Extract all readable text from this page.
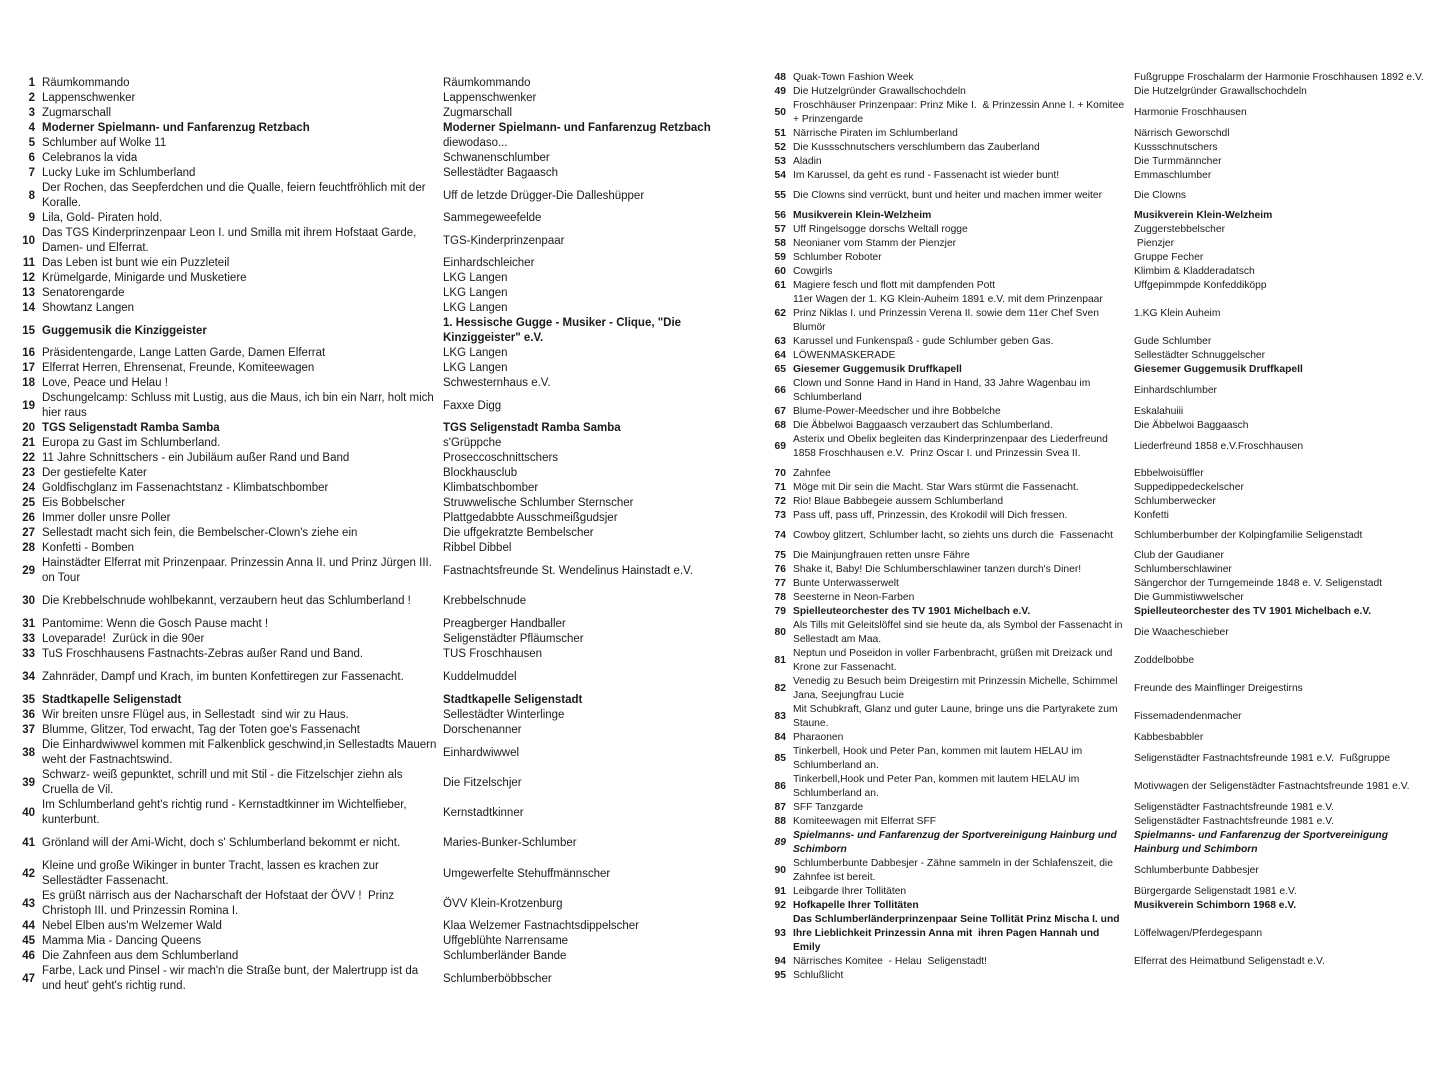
1	Räumkommando	Räumkommando
2	Lappenschwenker	Lappenschwenker
3	Zugmarschall	Zugmarschall
4	Moderner Spielmann- und Fanfarenzug Retzbach	Moderner Spielmann- und Fanfarenzug Retzbach
5	Schlumber auf Wolke 11	diewodaso...
6	Celebranos la vida	Schwanenschlumber
7	Lucky Luke im Schlumberland	Sellestädter Bagaasch
8	Der Rochen, das Seepferdchen und die Qualle, feiern feuchtfröhlich mit der Koralle.	Uff de letzde Drügger-Die Dalleshüpper
9	Lila, Gold- Piraten hold.	Sammegeweefelde
10	Das TGS Kinderprinzenpaar Leon I. und Smilla mit ihrem Hofstaat Garde, Damen- und Elferrat.	TGS-Kinderprinzenpaar
11	Das Leben ist bunt wie ein Puzzleteil	Einhardschleicher
12	Krümelgarde, Minigarde und Musketiere	LKG Langen
13	Senatorengarde	LKG Langen
14	Showtanz Langen	LKG Langen
15	Guggemusik die Kinziggeister	1. Hessische Gugge - Musiker - Clique, "Die Kinziggeister" e.V.
16	Präsidentengarde, Lange Latten Garde, Damen Elferrat	LKG Langen
17	Elferrat Herren, Ehrensenat, Freunde, Komiteewagen	LKG Langen
18	Love, Peace und Helau !	Schwesternhaus e.V.
19	Dschungelcamp: Schluss mit Lustig, aus die Maus, ich bin ein Narr, holt mich hier raus	Faxxe Digg
20	TGS Seligenstadt Ramba Samba	TGS Seligenstadt Ramba Samba
21	Europa zu Gast im Schlumberland.	s'Grüppche
22	11 Jahre Schnittschers - ein Jubiläum außer Rand und Band	Proseccoschnittschers
23	Der gestiefelte Kater	Blockhausclub
24	Goldfischglanz im Fassenachtstanz - Klimbatschbomber	Klimbatschbomber
25	Eis Bobbelscher	Struwwelische Schlumber Sternscher
26	Immer doller unsre Poller	Plattgedabbte Ausschmeißgudsjer
27	Sellestadt macht sich fein, die Bembelscher-Clown's ziehe ein	Die uffgekratzte Bembelscher
28	Konfetti - Bomben	Ribbel Dibbel
29	Hainstädter Elferrat mit Prinzenpaar. Prinzessin Anna II. und Prinz Jürgen III. on Tour	Fastnachtsfreunde St. Wendelinus Hainstadt e.V.
30	Die Krebbelschnude wohlbekannt, verzaubern heut das Schlumberland !	Krebbelschnude
31	Pantomime: Wenn die Gosch Pause macht !	Preagberger Handballer
33	Loveparade!  Zurück in die 90er	Seligenstädter Pfläumscher
33	TuS Froschhausens Fastnachts-Zebras außer Rand und Band.	TUS Froschhausen
34	Zahnräder, Dampf und Krach, im bunten Konfettiregen zur Fassenacht.	Kuddelmuddel
35	Stadtkapelle Seligenstadt	Stadtkapelle Seligenstadt
36	Wir breiten unsre Flügel aus, in Sellestadt  sind wir zu Haus.	Sellestädter Winterlinge
37	Blumme, Glitzer, Tod erwacht, Tag der Toten goe's Fassenacht	Dorschenanner
38	Die Einhardwiwwel kommen mit Falkenblick geschwind,in Sellestadts Mauern weht der Fastnachtswind.	Einhardwiwwel
39	Schwarz- weiß gepunktet, schrill und mit Stil - die Fitzelschjer ziehn als Cruella de Vil.	Die Fitzelschjer
40	Im Schlumberland geht's richtig rund - Kernstadtkinner im Wichtelfieber, kunterbunt.	Kernstadtkinner
41	Grönland will der Ami-Wicht, doch s' Schlumberland bekommt er nicht.	Maries-Bunker-Schlumber
42	Kleine und große Wikinger in bunter Tracht, lassen es krachen zur Sellestädter Fassenacht.	Umgewerfelte Stehuffmännscher
43	Es grüßt närrisch aus der Nacharschaft der Hofstaat der ÖVV !  Prinz Christoph III. und Prinzessin Romina I.	ÖVV Klein-Krotzenburg
44	Nebel Elben aus'm Welzemer Wald	Klaa Welzemer Fastnachtsdippelscher
45	Mamma Mia - Dancing Queens	Uffgeblühte Narrensame
46	Die Zahnfeen aus dem Schlumberland	Schlumberländer Bande
47	Farbe, Lack und Pinsel - wir mach'n die Straße bunt, der Malertrupp ist da und heut' geht's richtig rund.	Schlumberböbbscher
48	Quak-Town Fashion Week	Fußgruppe Froschalarm der Harmonie Froschhausen 1892 e.V.
49	Die Hutzelgründer Grawallschochdeln	Die Hutzelgründer Grawallschochdeln
50	Froschhäuser Prinzenpaar: Prinz Mike I.  & Prinzessin Anne I. + Komitee + Prinzengarde	Harmonie Froschhausen
51	Närrische Piraten im Schlumberland	Närrisch Geworschdl
52	Die Kussschnutschers verschlumbern das Zauberland	Kussschnutschers
53	Aladin	Die Turmmänncher
54	Im Karussel, da geht es rund - Fassenacht ist wieder bunt!	Emmaschlumber
55	Die Clowns sind verrückt, bunt und heiter und machen immer weiter	Die Clowns
56	Musikverein Klein-Welzheim	Musikverein Klein-Welzheim
57	Uff Ringelsogge dorschs Weltall rogge	Zuggerstebbelscher
58	Neonianer vom Stamm der Pienzjer	Pienzjer
59	Schlumber Roboter	Gruppe Fecher
60	Cowgirls	Klimbim & Kladderadatsch
61	Magiere fesch und flott mit dampfenden Pott	Uffgepimmpde Konfeddiköpp
62	11er Wagen der 1. KG Klein-Auheim 1891 e.V. mit dem Prinzenpaar Prinz Niklas I. und Prinzessin Verena II. sowie dem 11er Chef Sven Blumör	1.KG Klein Auheim
63	Karussel und Funkenspaß - gude Schlumber geben Gas.	Gude Schlumber
64	LÖWENMASKERADE	Sellestädter Schnuggelscher
65	Giesemer Guggemusik Druffkapell	Giesemer Guggemusik Druffkapell
66	Clown und Sonne Hand in Hand in Hand, 33 Jahre Wagenbau im Schlumberland	Einhardschlumber
67	Blume-Power-Meedscher und ihre Bobbelche	Eskalahuiii
68	Die Äbbelwoi Baggaasch verzaubert das Schlumberland.	Die Äbbelwoi Baggaasch
69	Asterix und Obelix begleiten das Kinderprinzenpaar des Liederfreund 1858 Froschhausen e.V.  Prinz Oscar I. und Prinzessin Svea II.	Liederfreund 1858 e.V.Froschhausen
70	Zahnfee	Ebbelwoisüffler
71	Möge mit Dir sein die Macht. Star Wars stürmt die Fassenacht.	Suppedippedeckelscher
72	Rio! Blaue Babbegeie aussem Schlumberland	Schlumberwecker
73	Pass uff, pass uff, Prinzessin, des Krokodil will Dich fressen.	Konfetti
74	Cowboy glitzert, Schlumber lacht, so ziehts uns durch die  Fassenacht	Schlumberbumber der Kolpingfamilie Seligenstadt
75	Die Mainjungfrauen retten unsre Fähre	Club der Gaudianer
76	Shake it, Baby! Die Schlumberschlawiner tanzen durch's Diner!	Schlumberschlawiner
77	Bunte Unterwasserwelt	Sängerchor der Turngemeinde 1848 e. V. Seligenstadt
78	Seesterne in Neon-Farben	Die Gummistiwwelscher
79	Spielleuteorchester des TV 1901 Michelbach e.V.	Spielleuteorchester des TV 1901 Michelbach e.V.
80	Als Tills mit Geleitslöffel sind sie heute da, als Symbol der Fassenacht in Sellestadt am Maa.	Die Waacheschieber
81	Neptun und Poseidon in voller Farbenbracht, grüßen mit Dreizack und Krone zur Fassenacht.	Zoddelbobbe
82	Venedig zu Besuch beim Dreigestirn mit Prinzessin Michelle, Schimmel Jana, Seejungfrau Lucie	Freunde des Mainflinger Dreigestirns
83	Mit Schubkraft, Glanz und guter Laune, bringe uns die Partyrakete zum Staune.	Fissemadendenmacher
84	Pharaonen	Kabbesbabbler
85	Tinkerbell, Hook und Peter Pan, kommen mit lautem HELAU im Schlumberland an.	Seligenstädter Fastnachtsfreunde 1981 e.V.  Fußgruppe
86	Tinkerbell,Hook und Peter Pan, kommen mit lautem HELAU im Schlumberland an.	Motivwagen der Seligenstädter Fastnachtsfreunde 1981 e.V.
87	SFF Tanzgarde	Seligenstädter Fastnachtsfreunde 1981 e.V.
88	Komiteewagen mit Elferrat SFF	Seligenstädter Fastnachtsfreunde 1981 e.V.
89	Spielmanns- und Fanfarenzug der Sportvereinigung Hainburg und Schimborn	Spielmanns- und Fanfarenzug der Sportvereinigung Hainburg und Schimborn
90	Schlumberbunte Dabbesjer - Zähne sammeln in der Schlafenszeit, die Zahnfee ist bereit.	Schlumberbunte Dabbesjer
91	Leibgarde Ihrer Tollitäten	Bürgergarde Seligenstadt 1981 e.V.
92	Hofkapelle Ihrer Tollitäten	Musikverein Schimborn 1968 e.V.
93	Das Schlumberländerprinzenpaar Seine Tollität Prinz Mischa I. und Ihre Lieblichkeit Prinzessin Anna mit  ihren Pagen Hannah und Emily	Löffelwagen/Pferdegespann
94	Närrisches Komitee  - Helau  Seligenstadt!	Elferrat des Heimatbund Seligenstadt e.V.
95	Schlußlicht	
